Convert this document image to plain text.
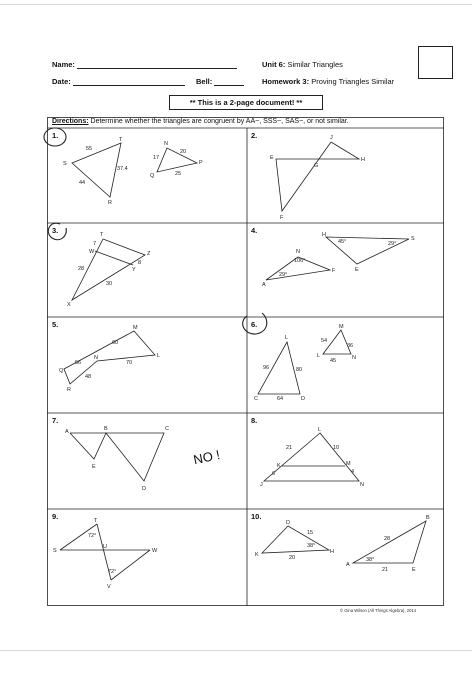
Name:
Date:	Bell:
Unit 6: Similar Triangles
Homework 3: Proving Triangles Similar
** This is a 2-page document! **
Directions: Determine whether the triangles are congruent by AA~, SSS~, SAS~, or not similar.
1.	2.
3.	4.
5.	6.
7.	8.
9.	10.
T
S
R
55
37.4
44
N
Q
P
17
20
25
J
E	H
G
F
T
W	Z
Y
X
7
8
28
30
H
45°	29°
S
E
N
106°
29°
A
F
M
L
N
Q
R
60
56	70
48
L
C	D
96	80
64
M
L	N
54
36
45
A	B	C
E
D
L
K	M
J	N
21	10
6	4
T
S
U
W
V
72°
72°
D
K	H
15
38°
20
B
A
E
28
38°
21
NO !
© Gina Wilson (All Things Algebra), 2014
